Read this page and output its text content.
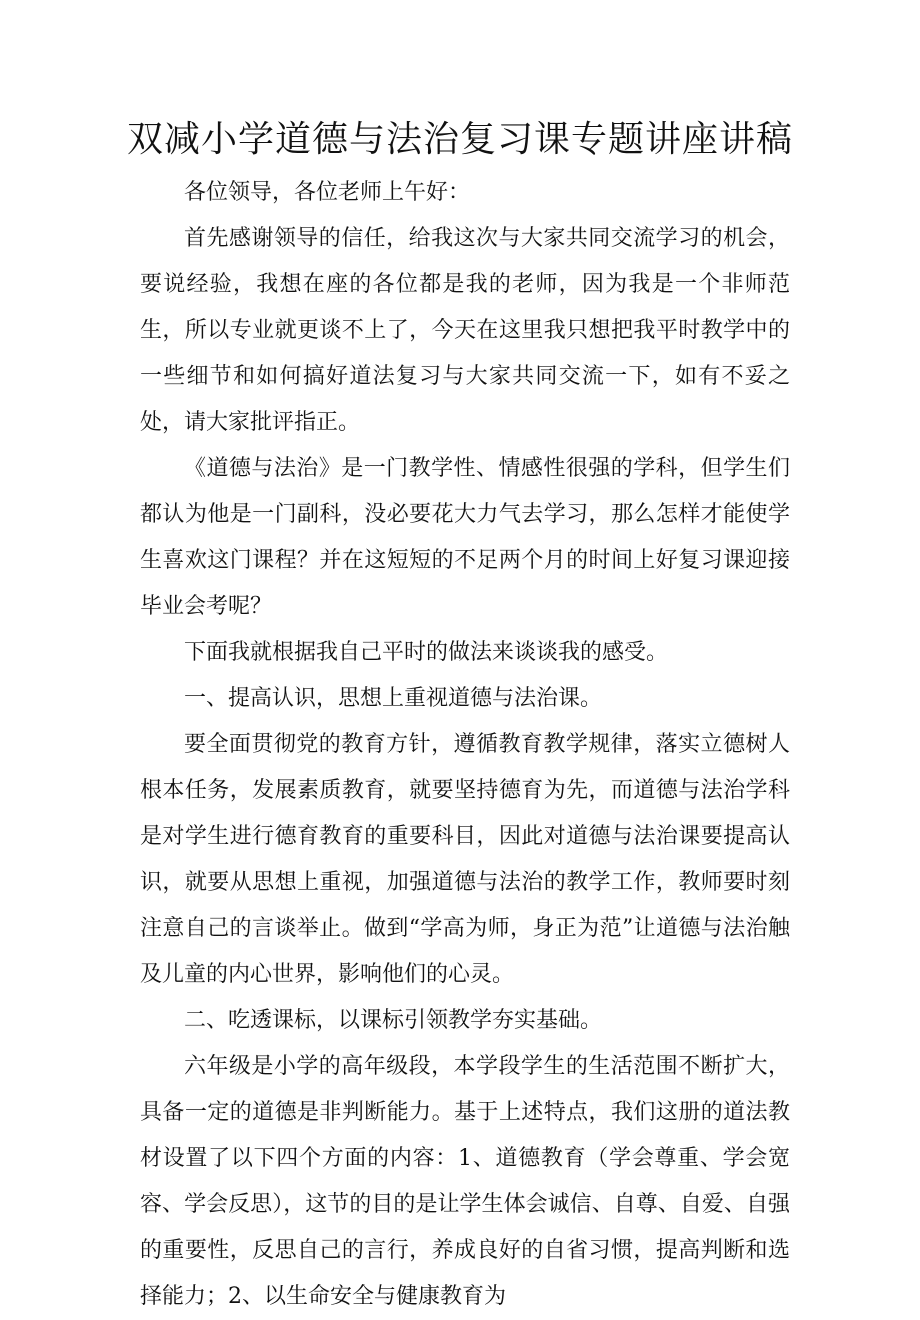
双减小学道德与法治复习课专题讲座讲稿

各位领导，各位老师上午好：

首先感谢领导的信任，给我这次与大家共同交流学习的机会，要说经验，我想在座的各位都是我的老师，因为我是一个非师范生，所以专业就更谈不上了，今天在这里我只想把我平时教学中的一些细节和如何搞好道法复习与大家共同交流一下，如有不妥之处，请大家批评指正。

《道德与法治》是一门教学性、情感性很强的学科，但学生们都认为他是一门副科，没必要花大力气去学习，那么怎样才能使学生喜欢这门课程？并在这短短的不足两个月的时间上好复习课迎接毕业会考呢？

下面我就根据我自己平时的做法来谈谈我的感受。

一、提高认识，思想上重视道德与法治课。

要全面贯彻党的教育方针，遵循教育教学规律，落实立德树人根本任务，发展素质教育，就要坚持德育为先，而道德与法治学科是对学生进行德育教育的重要科目，因此对道德与法治课要提高认识，就要从思想上重视，加强道德与法治的教学工作，教师要时刻注意自己的言谈举止。做到“学高为师，身正为范”让道德与法治触及儿童的内心世界，影响他们的心灵。

二、吃透课标，以课标引领教学夯实基础。

六年级是小学的高年级段，本学段学生的生活范围不断扩大，具备一定的道德是非判断能力。基于上述特点，我们这册的道法教材设置了以下四个方面的内容：1、道德教育（学会尊重、学会宽容、学会反思），这节的目的是让学生体会诚信、自尊、自爱、自强的重要性，反思自己的言行，养成良好的自省习惯，提高判断和选择能力；2、以生命安全与健康教育为
